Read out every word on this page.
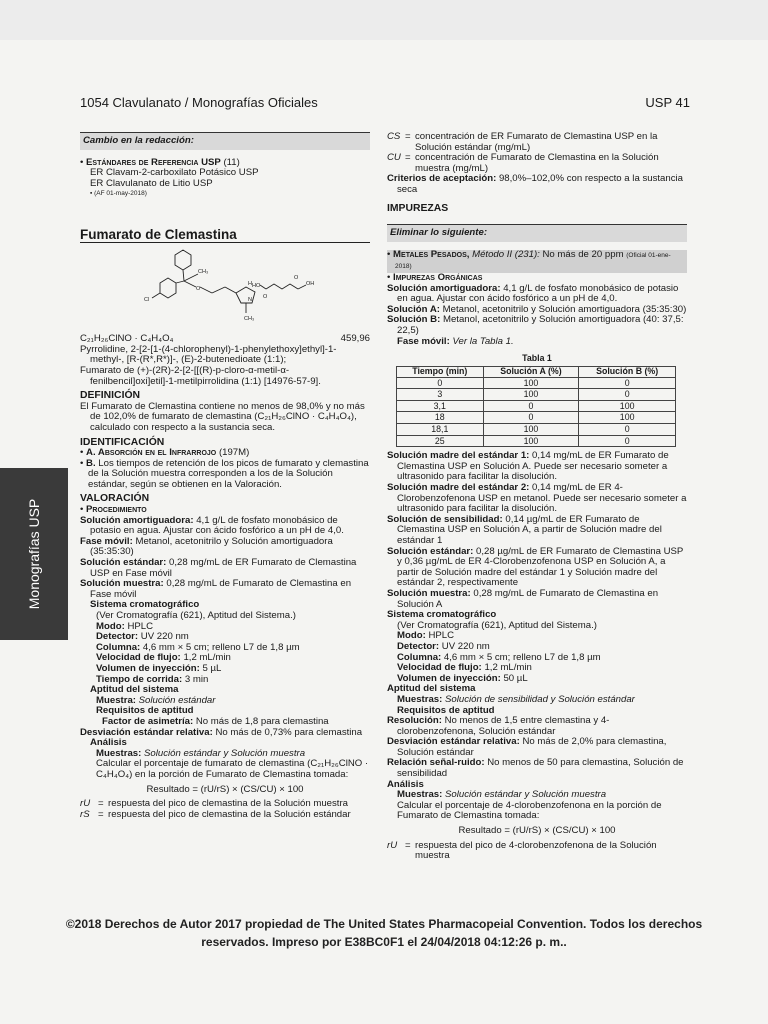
1054 Clavulanato / Monografías Oficiales	USP 41
Monografías USP
Cambio en la redacción:
• Estándares de Referencia USP (11)
ER Clavam-2-carboxilato Potásico USP
ER Clavulanato de Litio USP
▪ (AF 01-may-2018)
Fumarato de Clemastina
CH₃
O
Cl
CH₃
N
H HO	OH
O
O
C₂₁H₂₆ClNO · C₄H₄O₄	459,96
Pyrrolidine, 2-[2-[1-(4-chlorophenyl)-1-phenylethoxy]ethyl]-1-methyl-, [R-(R*,R*)]-, (E)-2-butenedioate (1:1);
Fumarato de (+)-(2R)-2-[2-[[(R)-p-cloro-α-metil-α-fenilbencil]oxi]etil]-1-metilpirrolidina (1:1) [14976-57-9].
DEFINICIÓN
El Fumarato de Clemastina contiene no menos de 98,0% y no más de 102,0% de fumarato de clemastina (C₂₁H₂₆ClNO · C₄H₄O₄), calculado con respecto a la sustancia seca.
IDENTIFICACIÓN
• A. Absorción en el Infrarrojo (197M)
• B. Los tiempos de retención de los picos de fumarato y clemastina de la Solución muestra corresponden a los de la Solución estándar, según se obtienen en la Valoración.
VALORACIÓN
• Procedimiento
Solución amortiguadora: 4,1 g/L de fosfato monobásico de potasio en agua. Ajustar con ácido fosfórico a un pH de 4,0.
Fase móvil: Metanol, acetonitrilo y Solución amortiguadora (35:35:30)
Solución estándar: 0,28 mg/mL de ER Fumarato de Clemastina USP en Fase móvil
Solución muestra: 0,28 mg/mL de Fumarato de Clemastina en Fase móvil
Sistema cromatográfico
(Ver Cromatografía (621), Aptitud del Sistema.)
Modo: HPLC
Detector: UV 220 nm
Columna: 4,6 mm × 5 cm; relleno L7 de 1,8 µm
Velocidad de flujo: 1,2 mL/min
Volumen de inyección: 5 µL
Tiempo de corrida: 3 min
Aptitud del sistema
Muestra: Solución estándar
Requisitos de aptitud
Factor de asimetría: No más de 1,8 para clemastina
Desviación estándar relativa: No más de 0,73% para clemastina
Análisis
Muestras: Solución estándar y Solución muestra
Calcular el porcentaje de fumarato de clemastina (C₂₁H₂₆ClNO · C₄H₄O₄) en la porción de Fumarato de Clemastina tomada:
Resultado = (rU/rS) × (CS/CU) × 100
rU = respuesta del pico de clemastina de la Solución muestra
rS = respuesta del pico de clemastina de la Solución estándar
CS = concentración de ER Fumarato de Clemastina USP en la Solución estándar (mg/mL)
CU = concentración de Fumarato de Clemastina en la Solución muestra (mg/mL)
Criterios de aceptación: 98,0%–102,0% con respecto a la sustancia seca
IMPUREZAS
Eliminar lo siguiente:
• Metales Pesados, Método II (231): No más de 20 ppm (Oficial 01-ene-2018)
• Impurezas Orgánicas
Solución amortiguadora: 4,1 g/L de fosfato monobásico de potasio en agua. Ajustar con ácido fosfórico a un pH de 4,0.
Solución A: Metanol, acetonitrilo y Solución amortiguadora (35:35:30)
Solución B: Metanol, acetonitrilo y Solución amortiguadora (40: 37,5: 22,5)
Fase móvil: Ver la Tabla 1.
Tabla 1
Tiempo (min)	Solución A (%)	Solución B (%)
0	100	0
3	100	0
3,1	0	100
18	0	100
18,1	100	0
25	100	0
Solución madre del estándar 1: 0,14 mg/mL de ER Fumarato de Clemastina USP en Solución A. Puede ser necesario someter a ultrasonido para facilitar la disolución.
Solución madre del estándar 2: 0,14 mg/mL de ER 4-Clorobenzofenona USP en metanol. Puede ser necesario someter a ultrasonido para facilitar la disolución.
Solución de sensibilidad: 0,14 µg/mL de ER Fumarato de Clemastina USP en Solución A, a partir de Solución madre del estándar 1
Solución estándar: 0,28 µg/mL de ER Fumarato de Clemastina USP y 0,36 µg/mL de ER 4-Clorobenzofenona USP en Solución A, a partir de Solución madre del estándar 1 y Solución madre del estándar 2, respectivamente
Solución muestra: 0,28 mg/mL de Fumarato de Clemastina en Solución A
Sistema cromatográfico
(Ver Cromatografía (621), Aptitud del Sistema.)
Modo: HPLC
Detector: UV 220 nm
Columna: 4,6 mm × 5 cm; relleno L7 de 1,8 µm
Velocidad de flujo: 1,2 mL/min
Volumen de inyección: 50 µL
Aptitud del sistema
Muestras: Solución de sensibilidad y Solución estándar
Requisitos de aptitud
Resolución: No menos de 1,5 entre clemastina y 4-clorobenzofenona, Solución estándar
Desviación estándar relativa: No más de 2,0% para clemastina, Solución estándar
Relación señal-ruido: No menos de 50 para clemastina, Solución de sensibilidad
Análisis
Muestras: Solución estándar y Solución muestra
Calcular el porcentaje de 4-clorobenzofenona en la porción de Fumarato de Clemastina tomada:
Resultado = (rU/rS) × (CS/CU) × 100
rU = respuesta del pico de 4-clorobenzofenona de la Solución muestra
©2018 Derechos de Autor 2017 propiedad de The United States Pharmacopeial Convention. Todos los derechos
reservados. Impreso por E38BC0F1 el 24/04/2018 04:12:26 p. m..
